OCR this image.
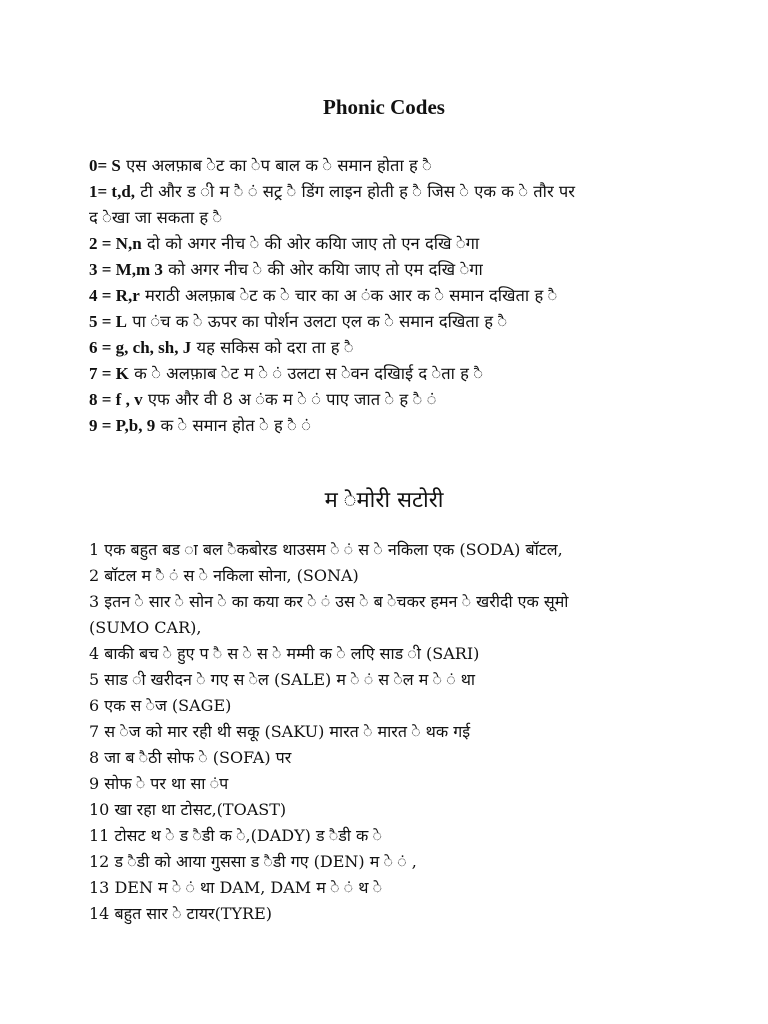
Phonic Codes
0= S एस अलफ़ाब ेट का ेप बाल क े समान होता ह ै
1= t,d, टी और ड ी म ै ं सट्र ै डिंग लाइन होती ह ै जिस े एक क े तौर पर
द ेखा जा सकता ह ै
2 = N,n दो को अगर नीच े की ओर कयिा जाए तो एन दखि ेगा
3 = M,m 3 को अगर नीच े की ओर कयिा जाए तो एम दखि ेगा
4 = R,r मराठी अलफ़ाब ेट क े चार का अ ंक आर क े समान दखिता ह ै
5 = L पा ंच क े ऊपर का पोर्शन उलटा एल क े समान दखिता ह ै
6 = g, ch, sh, J यह सकिस को दरा ता ह ै
7 = K क े अलफ़ाब ेट म े ं उलटा स ेवन दखिाई द ेता ह ै
8 = f , v एफ और वी 8 अ ंक म े ं पाए जात े ह ै ं
9 = P,b, 9 क े समान होत े ह ै ं
म ेमोरी सटोरी
1 एक बहुत बड ा बल ैकबोरड थाउसम े ं स े नकिला एक (SODA) बॉटल,
2 बॉटल म ै ं स े नकिला सोना, (SONA)
3 इतन े सार े सोन े का कया कर े ं उस े ब ेचकर हमन े खरीदी एक सूमो
(SUMO CAR),
4 बाकी बच े हुए प ै स े स े मम्मी क े लएि साड ी (SARI)
5 साड ी खरीदन े गए स ेल (SALE) म े ं स ेल म े ं था
6 एक स ेज (SAGE)
7 स ेज को मार रही थी सकू (SAKU) मारत े मारत े थक गई
8 जा ब ैठी सोफ े (SOFA) पर
9 सोफ े पर था सा ंप
10 खा रहा था टोसट,(TOAST)
11 टोसट थ े ड ैडी क े,(DADY) ड ैडी क े
12 ड ैडी को आया गुससा ड ैडी गए (DEN) म े ं ,
13 DEN म े ं था DAM, DAM म े ं थ े
14 बहुत सार े टायर(TYRE)
